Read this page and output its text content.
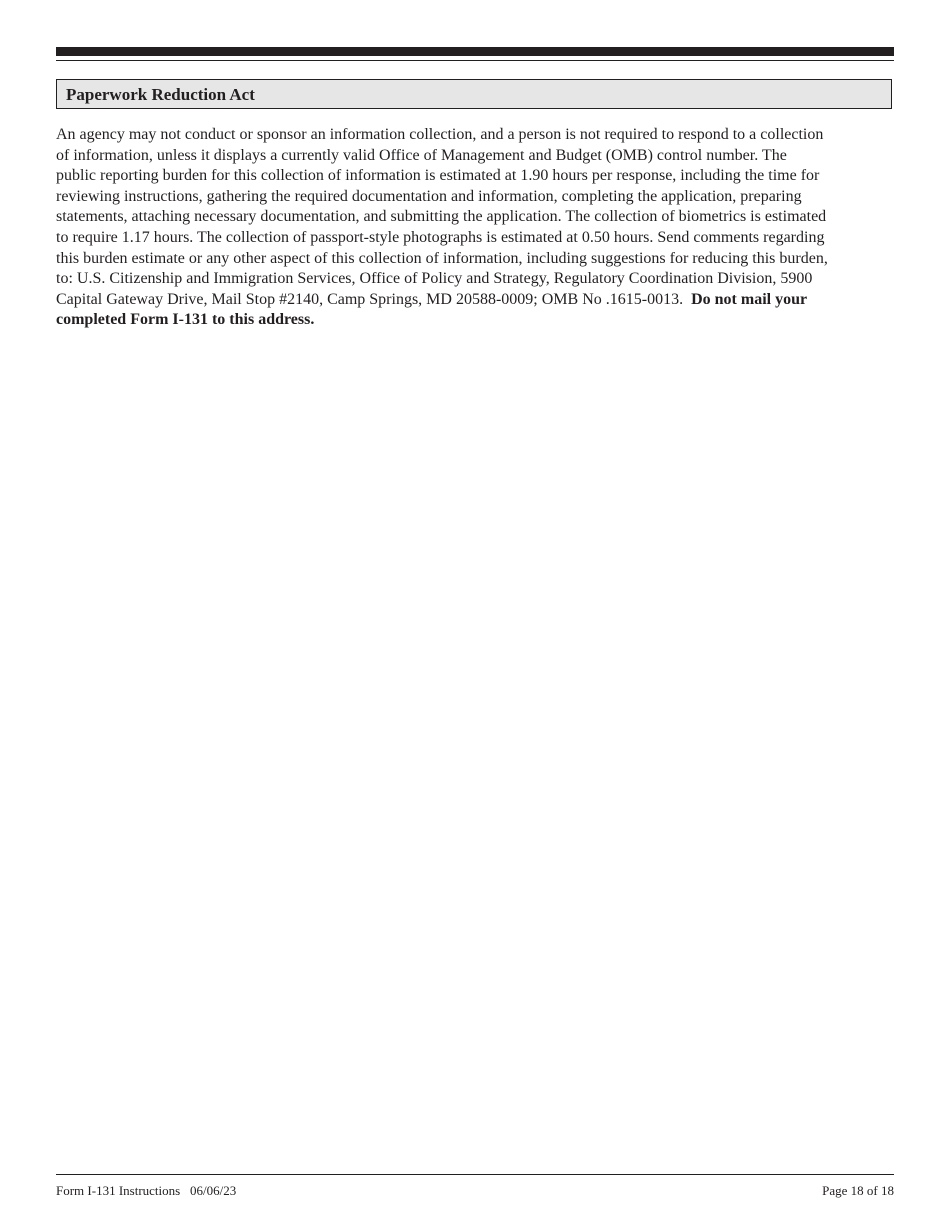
Paperwork Reduction Act
An agency may not conduct or sponsor an information collection, and a person is not required to respond to a collection
of information, unless it displays a currently valid Office of Management and Budget (OMB) control number. The
public reporting burden for this collection of information is estimated at 1.90 hours per response, including the time for
reviewing instructions, gathering the required documentation and information, completing the application, preparing
statements, attaching necessary documentation, and submitting the application. The collection of biometrics is estimated
to require 1.17 hours. The collection of passport-style photographs is estimated at 0.50 hours. Send comments regarding
this burden estimate or any other aspect of this collection of information, including suggestions for reducing this burden,
to: U.S. Citizenship and Immigration Services, Office of Policy and Strategy, Regulatory Coordination Division, 5900
Capital Gateway Drive, Mail Stop #2140, Camp Springs, MD 20588-0009; OMB No .1615-0013.  Do not mail your
completed Form I-131 to this address.
Form I-131 Instructions 06/06/23	Page 18 of 18
